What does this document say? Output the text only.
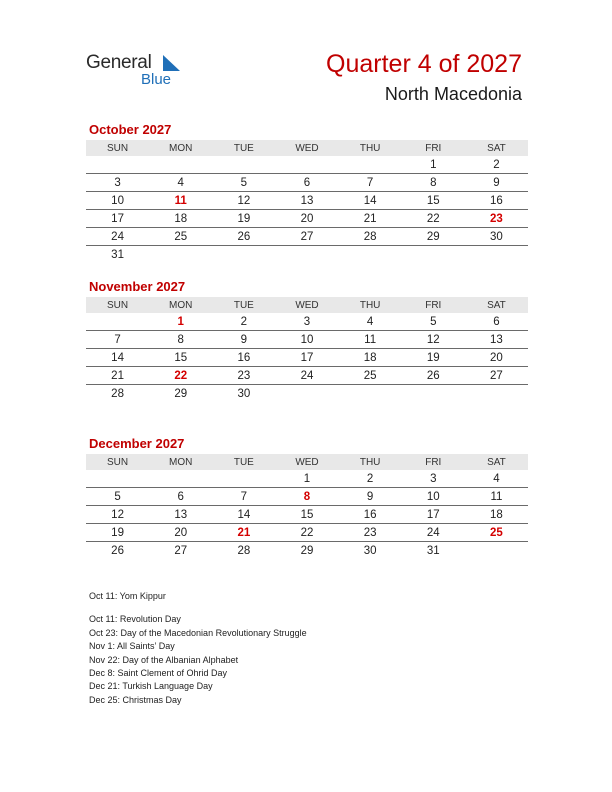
General
Blue
Quarter 4 of 2027
North Macedonia
October 2027
SUN	MON	TUE	WED	THU	FRI	SAT
					1	2
3	4	5	6	7	8	9
10	11	12	13	14	15	16
17	18	19	20	21	22	23
24	25	26	27	28	29	30
31						
November 2027
SUN	MON	TUE	WED	THU	FRI	SAT
	1	2	3	4	5	6
7	8	9	10	11	12	13
14	15	16	17	18	19	20
21	22	23	24	25	26	27
28	29	30				
December 2027
SUN	MON	TUE	WED	THU	FRI	SAT
			1	2	3	4
5	6	7	8	9	10	11
12	13	14	15	16	17	18
19	20	21	22	23	24	25
26	27	28	29	30	31	
Oct 11: Yom Kippur
Oct 11: Revolution Day
Oct 23: Day of the Macedonian Revolutionary Struggle
Nov 1: All Saints’ Day
Nov 22: Day of the Albanian Alphabet
Dec 8: Saint Clement of Ohrid Day
Dec 21: Turkish Language Day
Dec 25: Christmas Day
